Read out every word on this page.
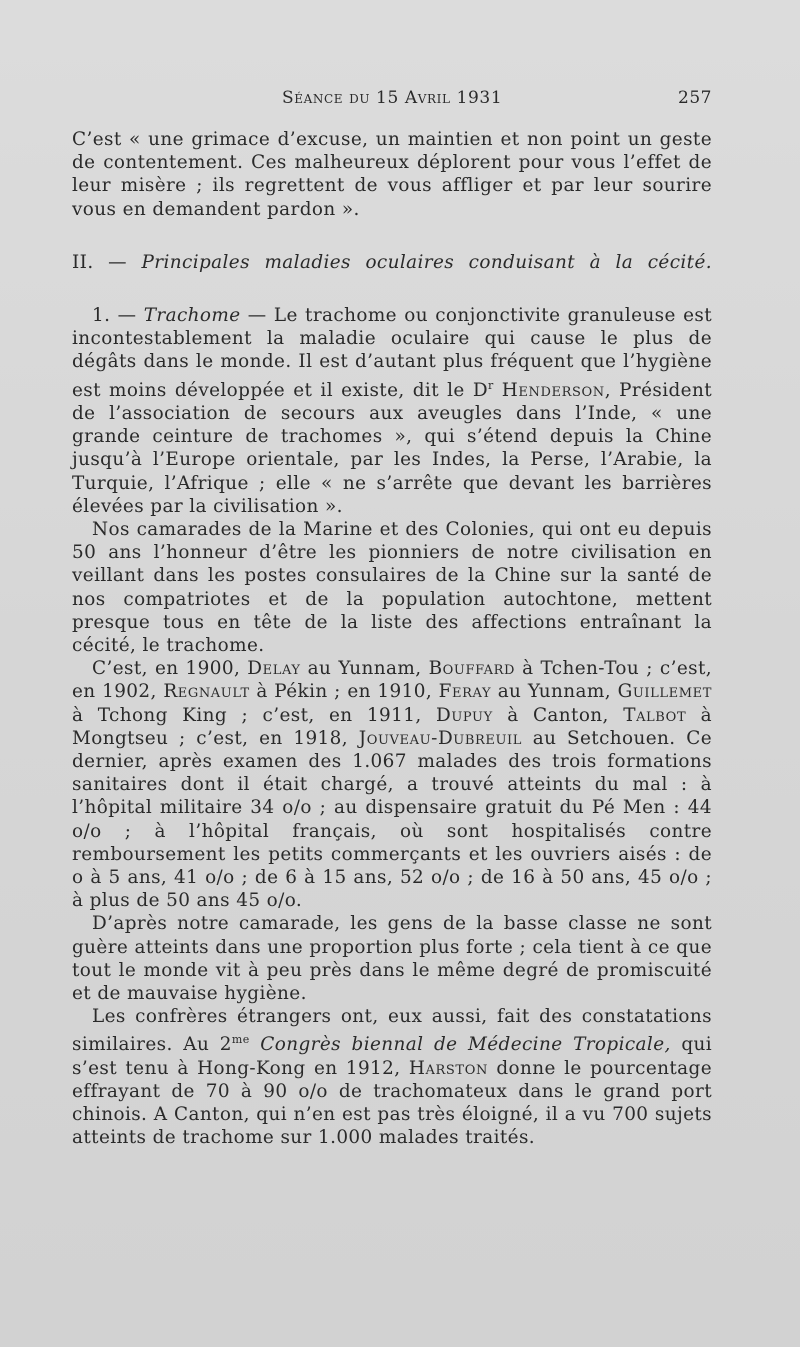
Séance du 15 Avril 1931	257

C’est « une grimace d’excuse, un maintien et non point un geste de contentement. Ces malheureux déplorent pour vous l’effet de leur misère ; ils regrettent de vous affliger et par leur sourire vous en demandent pardon ».

II. — Principales maladies oculaires conduisant à la cécité.

1. — Trachome — Le trachome ou conjonctivite granuleuse est incontestablement la maladie oculaire qui cause le plus de dégâts dans le monde. Il est d’autant plus fréquent que l’hygiène est moins développée et il existe, dit le $D^r$ Henderson, Président de l’association de secours aux aveugles dans l’Inde, « une grande ceinture de trachomes », qui s’étend depuis la Chine jusqu’à l’Europe orientale, par les Indes, la Perse, l’Arabie, la Turquie, l’Afrique ; elle « ne s’arrête que devant les barrières élevées par la civilisation ».

Nos camarades de la Marine et des Colonies, qui ont eu depuis 50 ans l’honneur d’être les pionniers de notre civilisation en veillant dans les postes consulaires de la Chine sur la santé de nos compatriotes et de la population autochtone, mettent presque tous en tête de la liste des affections entraînant la cécité, le trachome.

C’est, en 1900, Delay au Yunnam, Bouffard à Tchen-Tou ; c’est, en 1902, Regnault à Pékin ; en 1910, Feray au Yunnam, Guillemet à Tchong King ; c’est, en 1911, Dupuy à Canton, Talbot à Mongtseu ; c’est, en 1918, Jouveau-Dubreuil au Setchouen. Ce dernier, après examen des 1.067 malades des trois formations sanitaires dont il était chargé, a trouvé atteints du mal : à l’hôpital militaire 34 o/o ; au dispensaire gratuit du Pé Men : 44 o/o ; à l’hôpital français, où sont hospitalisés contre remboursement les petits commerçants et les ouvriers aisés : de o à 5 ans, 41 o/o ; de 6 à 15 ans, 52 o/o ; de 16 à 50 ans, 45 o/o ; à plus de 50 ans 45 o/o.

D’après notre camarade, les gens de la basse classe ne sont guère atteints dans une proportion plus forte ; cela tient à ce que tout le monde vit à peu près dans le même degré de promiscuité et de mauvaise hygiène.

Les confrères étrangers ont, eux aussi, fait des constatations similaires. Au $2^{me}$ Congrès biennal de Médecine Tropicale, qui s’est tenu à Hong-Kong en 1912, Harston donne le pourcentage effrayant de 70 à 90 o/o de trachomateux dans le grand port chinois. A Canton, qui n’en est pas très éloigné, il a vu 700 sujets atteints de trachome sur 1.000 malades traités.
